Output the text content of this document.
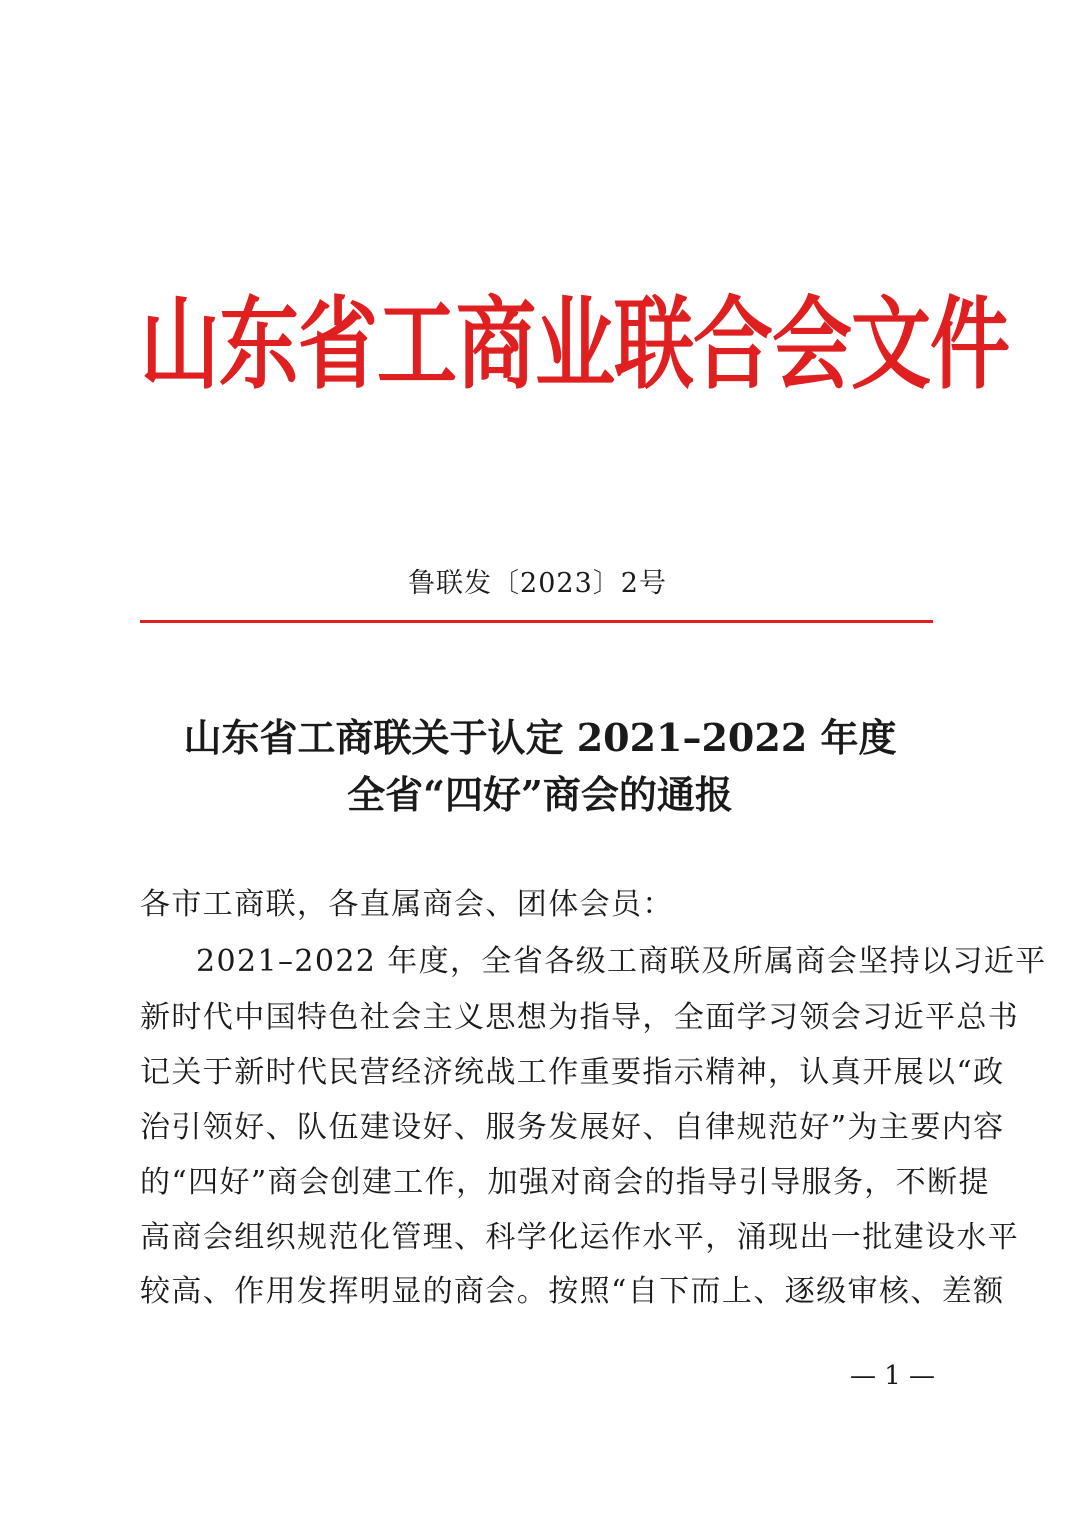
山东省工商业联合会文件
鲁联发〔2023〕2号
山东省工商联关于认定 2021–2022 年度
全省“四好”商会的通报
各市工商联，各直属商会、团体会员：
2021–2022 年度，全省各级工商联及所属商会坚持以习近平
新时代中国特色社会主义思想为指导，全面学习领会习近平总书
记关于新时代民营经济统战工作重要指示精神，认真开展以“政
治引领好、队伍建设好、服务发展好、自律规范好”为主要内容
的“四好”商会创建工作，加强对商会的指导引导服务，不断提
高商会组织规范化管理、科学化运作水平，涌现出一批建设水平
较高、作用发挥明显的商会。按照“自下而上、逐级审核、差额
— 1 —
